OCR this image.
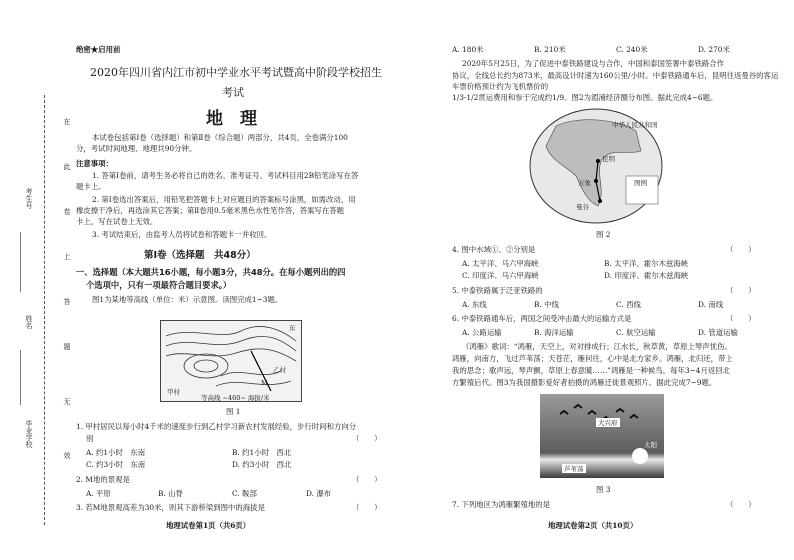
在
此
卷
上
答
题
无
效
考生号
姓名
毕业学校
绝密★启用前
2020年四川省内江市初中学业水平考试暨高中阶段学校招生
考试
地　理
本试卷包括第Ⅰ卷（选择题）和第Ⅱ卷（综合题）两部分，共4页，全卷满分100
分，考试时间地理、地理共90分钟。
注意事项：
1. 答第Ⅰ卷前，请考生务必将自己的姓名、准考证号、考试科目用2B铅笔涂写在答
题卡上。
2. 第Ⅰ卷选出答案后，用铅笔把答题卡上对应题目的答案标号涂黑，如需改动，用
橡皮擦干净后，再选涂其它答案；第Ⅱ卷用0.5毫米黑色水性笔作答，答案写在答题
卡上，写在试卷上无效。
3. 考试结束后，由监考人员将试卷和答题卡一并收回。
第Ⅰ卷（选择题　共48分）
一、选择题（本大题共16小题，每小题3分，共48分。在每小题列出的四
个选项中，只有一项最符合题目要求。）
图1为某地等高线（单位：米）示意图。读图完成1~3题。
东
甲村
乙村
M
等高线 ~460~ 海拔/米
图 1
1. 甲村居民以每小时4千米的速度步行到乙村学习新农村发展经验，步行时间和方向分
别	（　　）
A. 约1小时　东南	B. 约1小时　西北
C. 约3小时　东南	D. 约3小时　西北
2. M地的景观是	（　　）
A. 平原	B. 山脊	C. 鞍部	D. 瀑布
3. 若M地景观高差为30米，则其下游桥梁到图中的海拔是	（　　）
地理试卷第1页（共6页）
A. 180米	B. 210米	C. 240米	D. 270米
2020年5月25日，为了促进中泰铁路建设与合作，中国和泰国签署中泰铁路合作
协议，全线总长约为873米，最高设计时速为160公里/小时。中泰铁路通车后，昆明往返曼谷的客运车票价格预计约为飞机票价的
1/3-1/2贯运费用和参于完成约1/9。图2为湄涌经济圈分布图。据此完成4~6题。
中华人民共和国
昆明
万象
曼谷
图例
图 2
4. 图中水域①、②分别是	（　　）
A. 太平洋、马六甲海峡	B. 太平洋、霍尔木兹海峡
C. 印度洋、马六甲海峡	D. 印度洋、霍尔木兹海峡
5. 中泰铁路属于泛亚铁路的	（　　）
A. 东线	B. 中线	C. 西线	D. 南线
6. 中泰铁路通车后，两国之间受冲击最大的运输方式是	（　　）
A. 公路运输	B. 海洋运输	C. 航空运输	D. 管道运输
《鸿雁》歌词：“鸿雁，天空上，对对排成行；江水长，秋草黄，草原上琴声忧伤。
鸿雁，向南方，飞过芦苇荡；天苍茫，雁何往，心中是北方家乡。鸿雁，北归还，带上
我的思念；歌声远，琴声颤，草原上春意暖……”鸿雁是一种候鸟，每年3~4月返回北
方繁殖后代。图3为我国摄影爱好者拍摄的鸿雁迁徙景观照片。据此完成7~9题。
大兴府
太阳
芦苇荡
图 3
7. 下列地区为鸿雁繁殖地的是	（　　）
地理试卷第2页（共10页）
